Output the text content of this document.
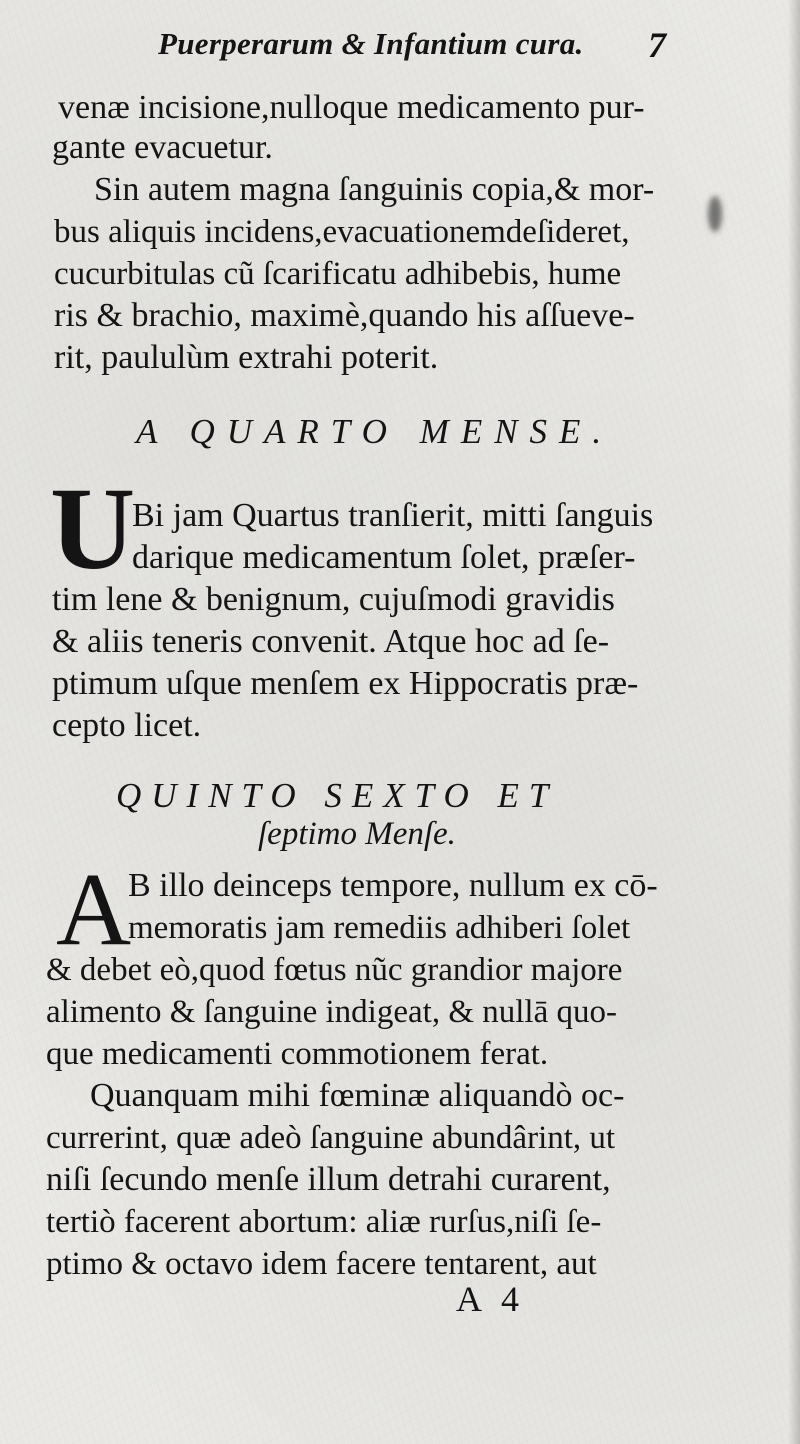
Puerperarum & Infantium cura. 7
venæ incisione,nulloque medicamento pur-
gante evacuetur.
Sin autem magna ſanguinis copia,& mor-
bus aliquis incidens,evacuationemdeſideret,
cucurbitulas cũ ſcarificatu adhibebis, hume
ris & brachio, maximè,quando his aſſueve-
rit, paululùm extrahi poterit.
A QUARTO MENSE.
U
Bi jam Quartus tranſierit, mitti ſanguis
darique medicamentum ſolet, præſer-
tim lene & benignum, cujuſmodi gravidis
& aliis teneris convenit. Atque hoc ad ſe-
ptimum uſque menſem ex Hippocratis præ-
cepto licet.
QUINTO SEXTO ET
ſeptimo Menſe.
A
B illo deinceps tempore, nullum ex cō-
memoratis jam remediis adhiberi ſolet
& debet eò,quod fœtus nũc grandior majore
alimento & ſanguine indigeat, & nullā quo-
que medicamenti commotionem ferat.
Quanquam mihi fœminæ aliquandò oc-
currerint, quæ adeò ſanguine abundârint, ut
niſi ſecundo menſe illum detrahi curarent,
tertiò facerent abortum: aliæ rurſus,niſi ſe-
ptimo & octavo idem facere tentarent, aut
A 4
